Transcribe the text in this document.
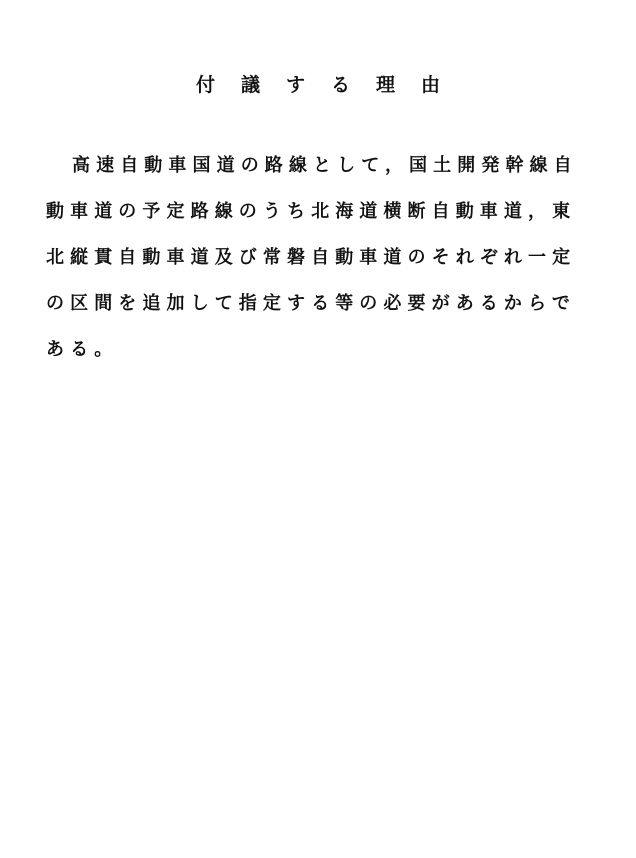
付議する理由
高速自動車国道の路線として，国土開発幹線自
動車道の予定路線のうち北海道横断自動車道，東
北縦貫自動車道及び常磐自動車道のそれぞれ一定
の区間を追加して指定する等の必要があるからで
ある。
